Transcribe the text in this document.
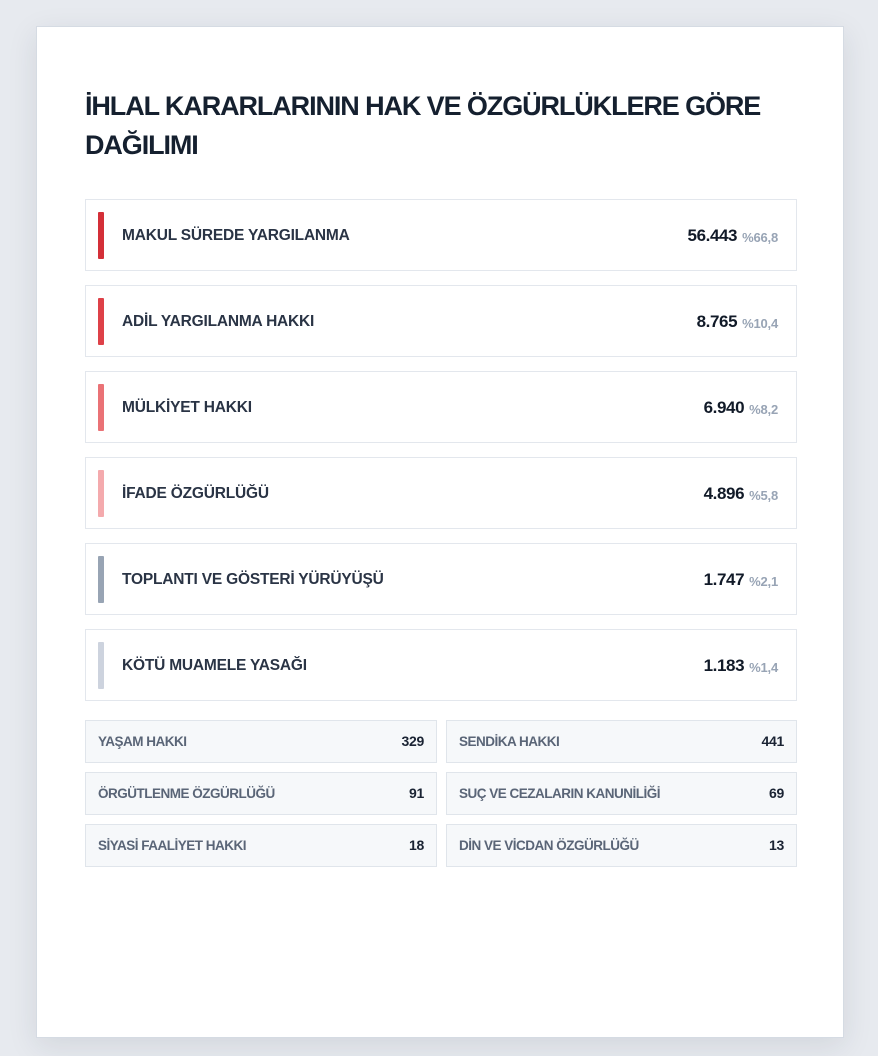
İHLAL KARARLARININ HAK VE ÖZGÜRLÜKLERE GÖRE DAĞILIMI
MAKUL SÜREDE YARGILANMA	56.443 %66,8
ADİL YARGILANMA HAKKI	8.765 %10,4
MÜLKİYET HAKKI	6.940 %8,2
İFADE ÖZGÜRLÜĞÜ	4.896 %5,8
TOPLANTI VE GÖSTERİ YÜRÜYÜŞÜ	1.747 %2,1
KÖTÜ MUAMELE YASAĞI	1.183 %1,4
YAŞAM HAKKI	329	SENDİKA HAKKI	441
ÖRGÜTLENME ÖZGÜRLÜĞÜ	91	SUÇ VE CEZALARIN KANUNİLİĞİ	69
SİYASİ FAALİYET HAKKI	18	DİN VE VİCDAN ÖZGÜRLÜĞÜ	13
